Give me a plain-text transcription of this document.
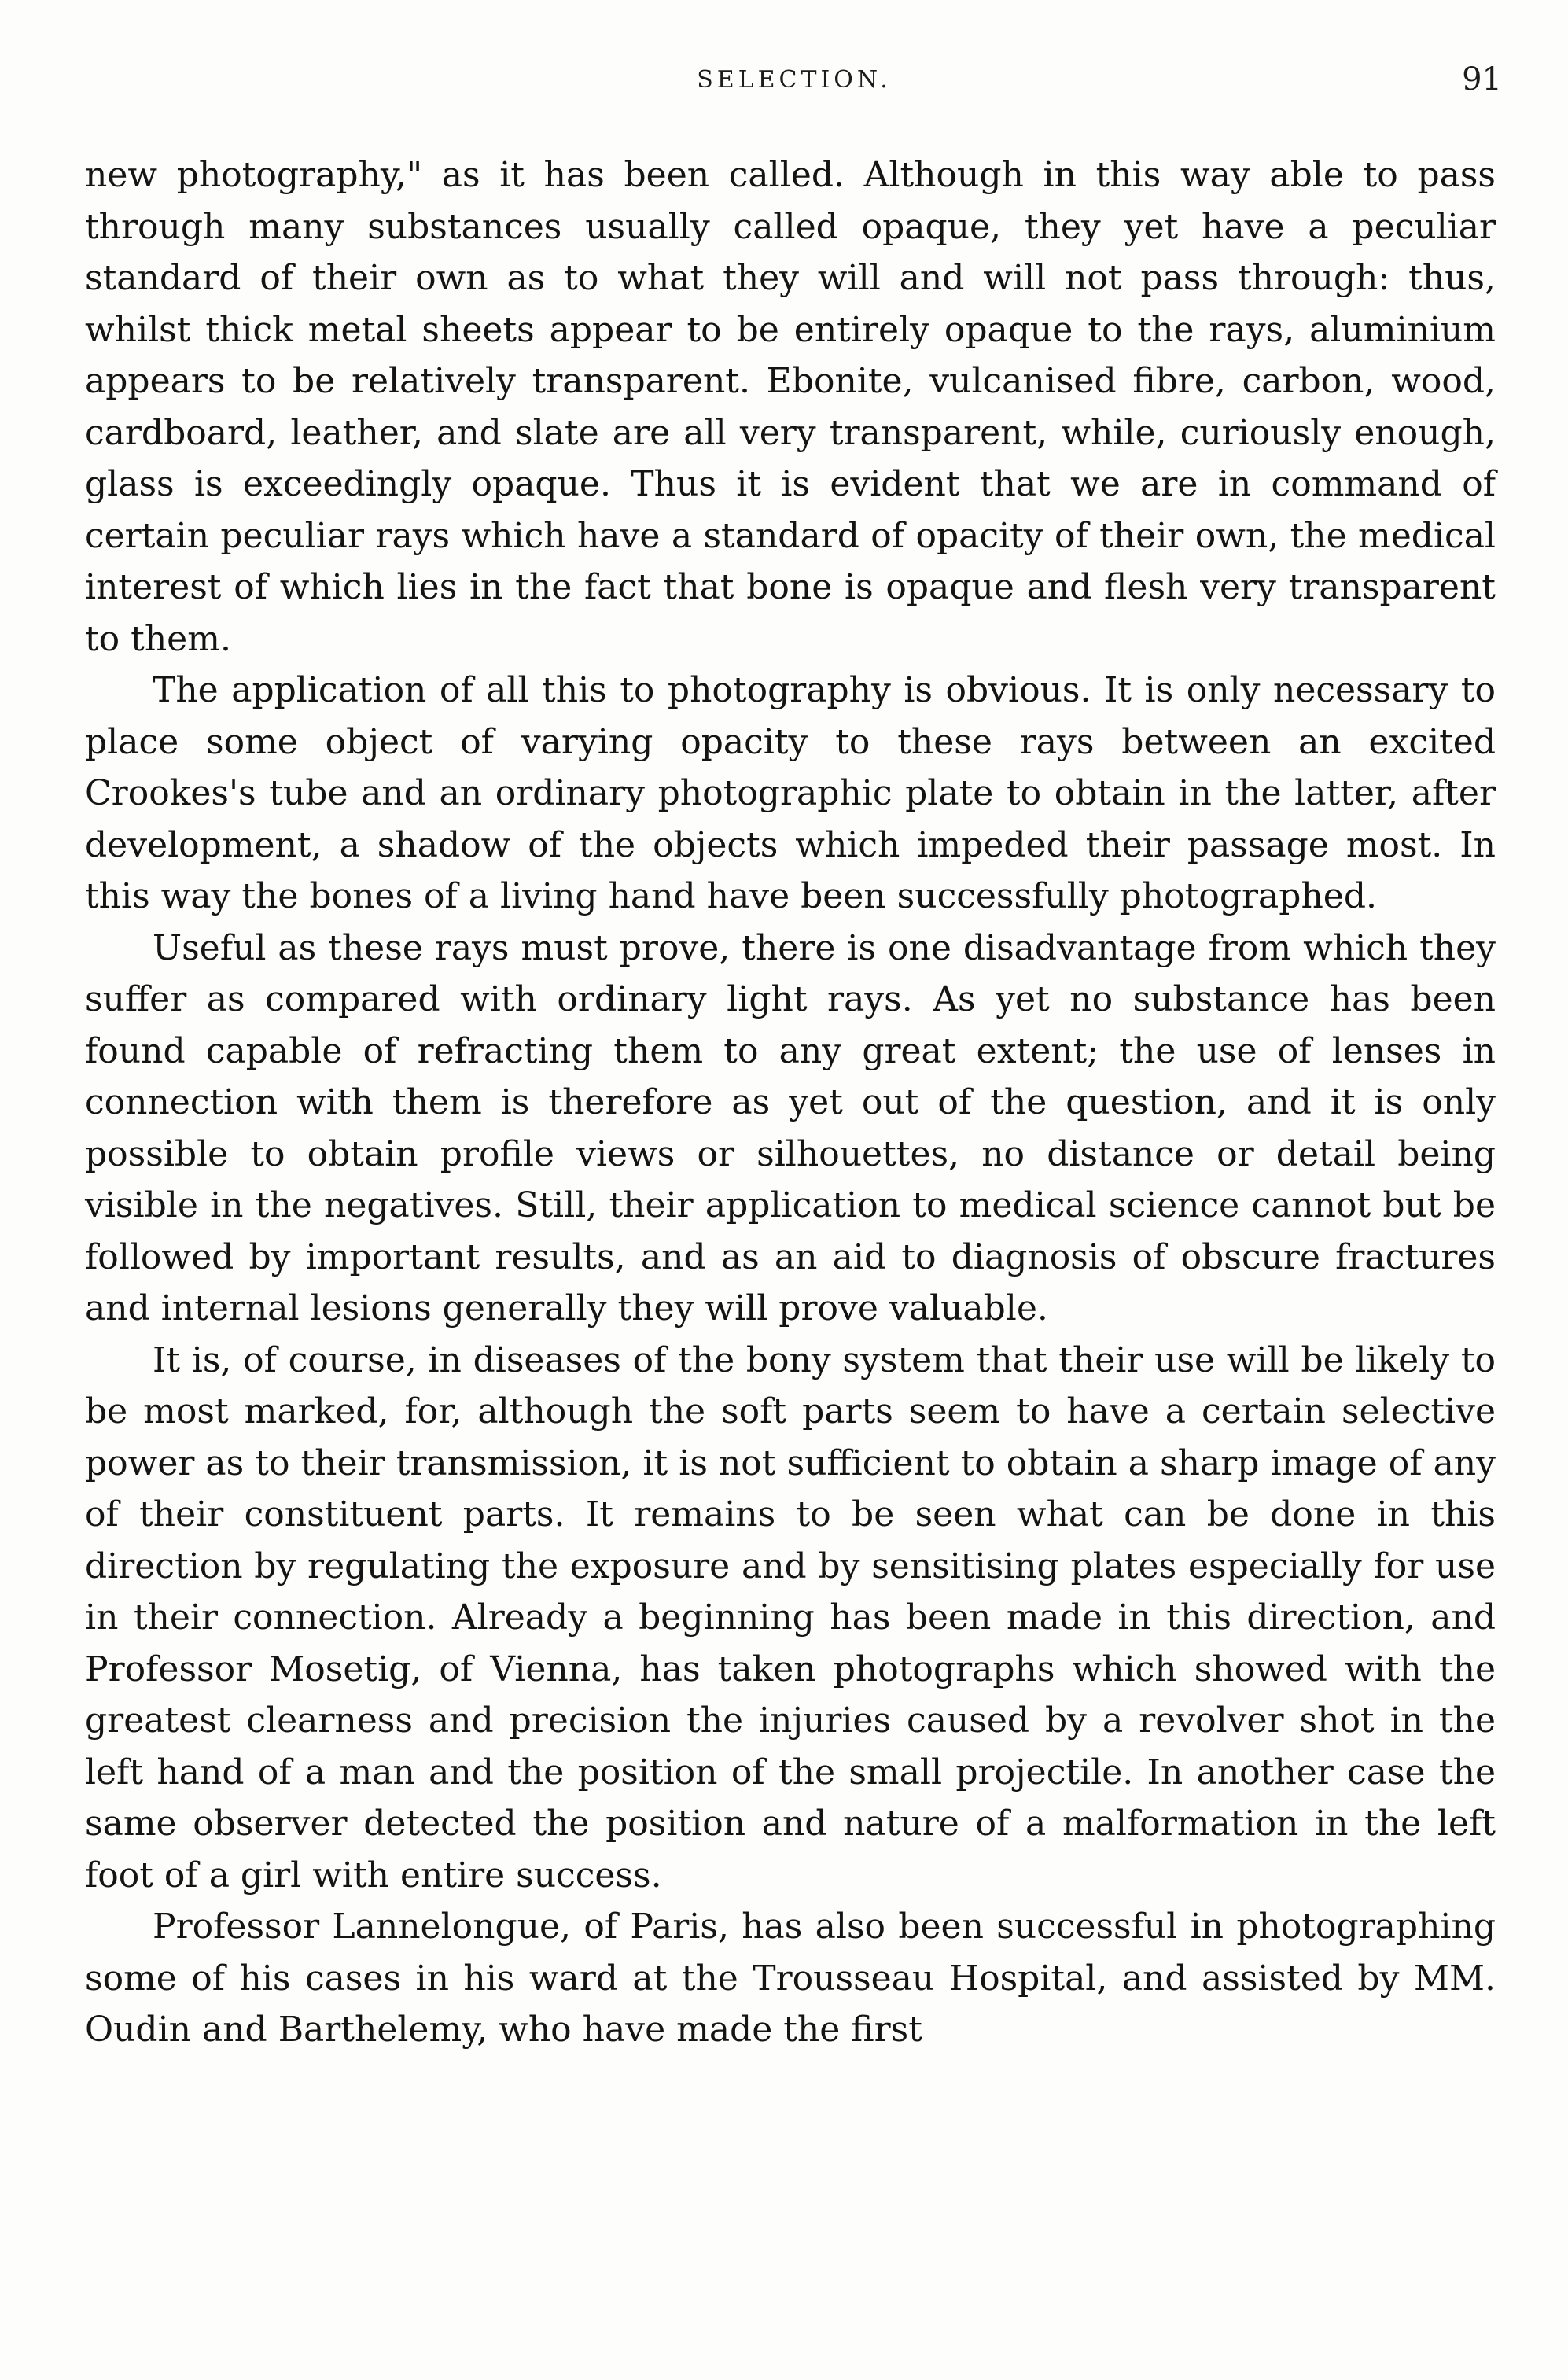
SELECTION.	91

new photography," as it has been called. Although in this way able to pass through many substances usually called opaque, they yet have a peculiar standard of their own as to what they will and will not pass through: thus, whilst thick metal sheets appear to be entirely opaque to the rays, aluminium appears to be relatively transparent. Ebonite, vulcanised fibre, carbon, wood, cardboard, leather, and slate are all very transparent, while, curiously enough, glass is exceedingly opaque. Thus it is evident that we are in command of certain peculiar rays which have a standard of opacity of their own, the medical interest of which lies in the fact that bone is opaque and flesh very transparent to them.

The application of all this to photography is obvious. It is only necessary to place some object of varying opacity to these rays between an excited Crookes's tube and an ordinary photographic plate to obtain in the latter, after development, a shadow of the objects which impeded their passage most. In this way the bones of a living hand have been successfully photographed.

Useful as these rays must prove, there is one disadvantage from which they suffer as compared with ordinary light rays. As yet no substance has been found capable of refracting them to any great extent; the use of lenses in connection with them is therefore as yet out of the question, and it is only possible to obtain profile views or silhouettes, no distance or detail being visible in the negatives. Still, their application to medical science cannot but be followed by important results, and as an aid to diagnosis of obscure fractures and internal lesions generally they will prove valuable.

It is, of course, in diseases of the bony system that their use will be likely to be most marked, for, although the soft parts seem to have a certain selective power as to their transmission, it is not sufficient to obtain a sharp image of any of their constituent parts. It remains to be seen what can be done in this direction by regulating the exposure and by sensitising plates especially for use in their connection. Already a beginning has been made in this direction, and Professor Mosetig, of Vienna, has taken photographs which showed with the greatest clearness and precision the injuries caused by a revolver shot in the left hand of a man and the position of the small projectile. In another case the same observer detected the position and nature of a malformation in the left foot of a girl with entire success.

Professor Lannelongue, of Paris, has also been successful in photographing some of his cases in his ward at the Trousseau Hospital, and assisted by MM. Oudin and Barthelemy, who have made the first
